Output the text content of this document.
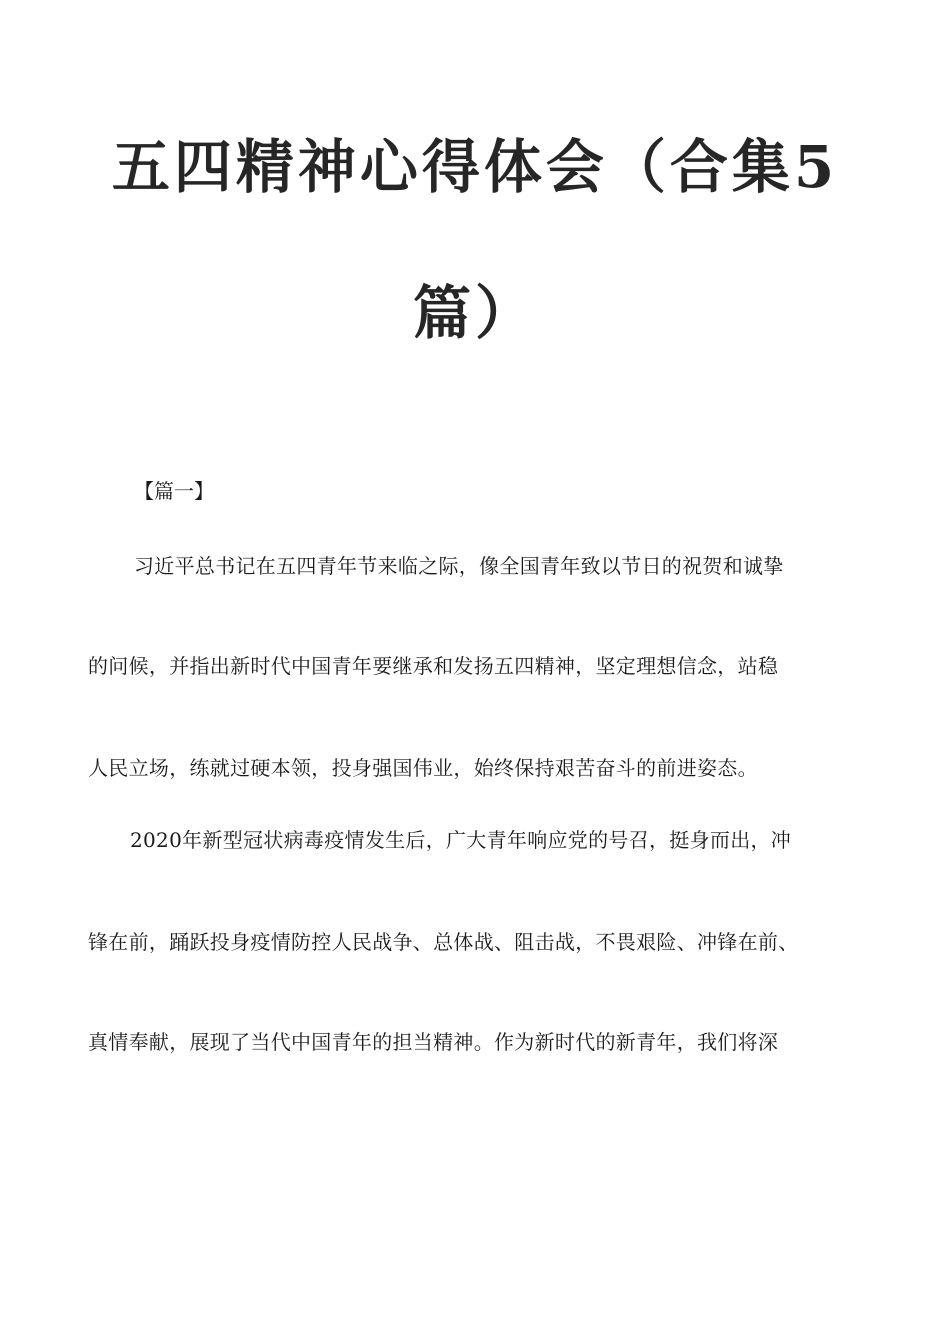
五四精神心得体会（合集5
篇）
【篇一】
习近平总书记在五四青年节来临之际，像全国青年致以节日的祝贺和诚挚
的问候，并指出新时代中国青年要继承和发扬五四精神，坚定理想信念，站稳
人民立场，练就过硬本领，投身强国伟业，始终保持艰苦奋斗的前进姿态。
2020年新型冠状病毒疫情发生后，广大青年响应党的号召，挺身而出，冲
锋在前，踊跃投身疫情防控人民战争、总体战、阻击战，不畏艰险、冲锋在前、
真情奉献，展现了当代中国青年的担当精神。作为新时代的新青年，我们将深
